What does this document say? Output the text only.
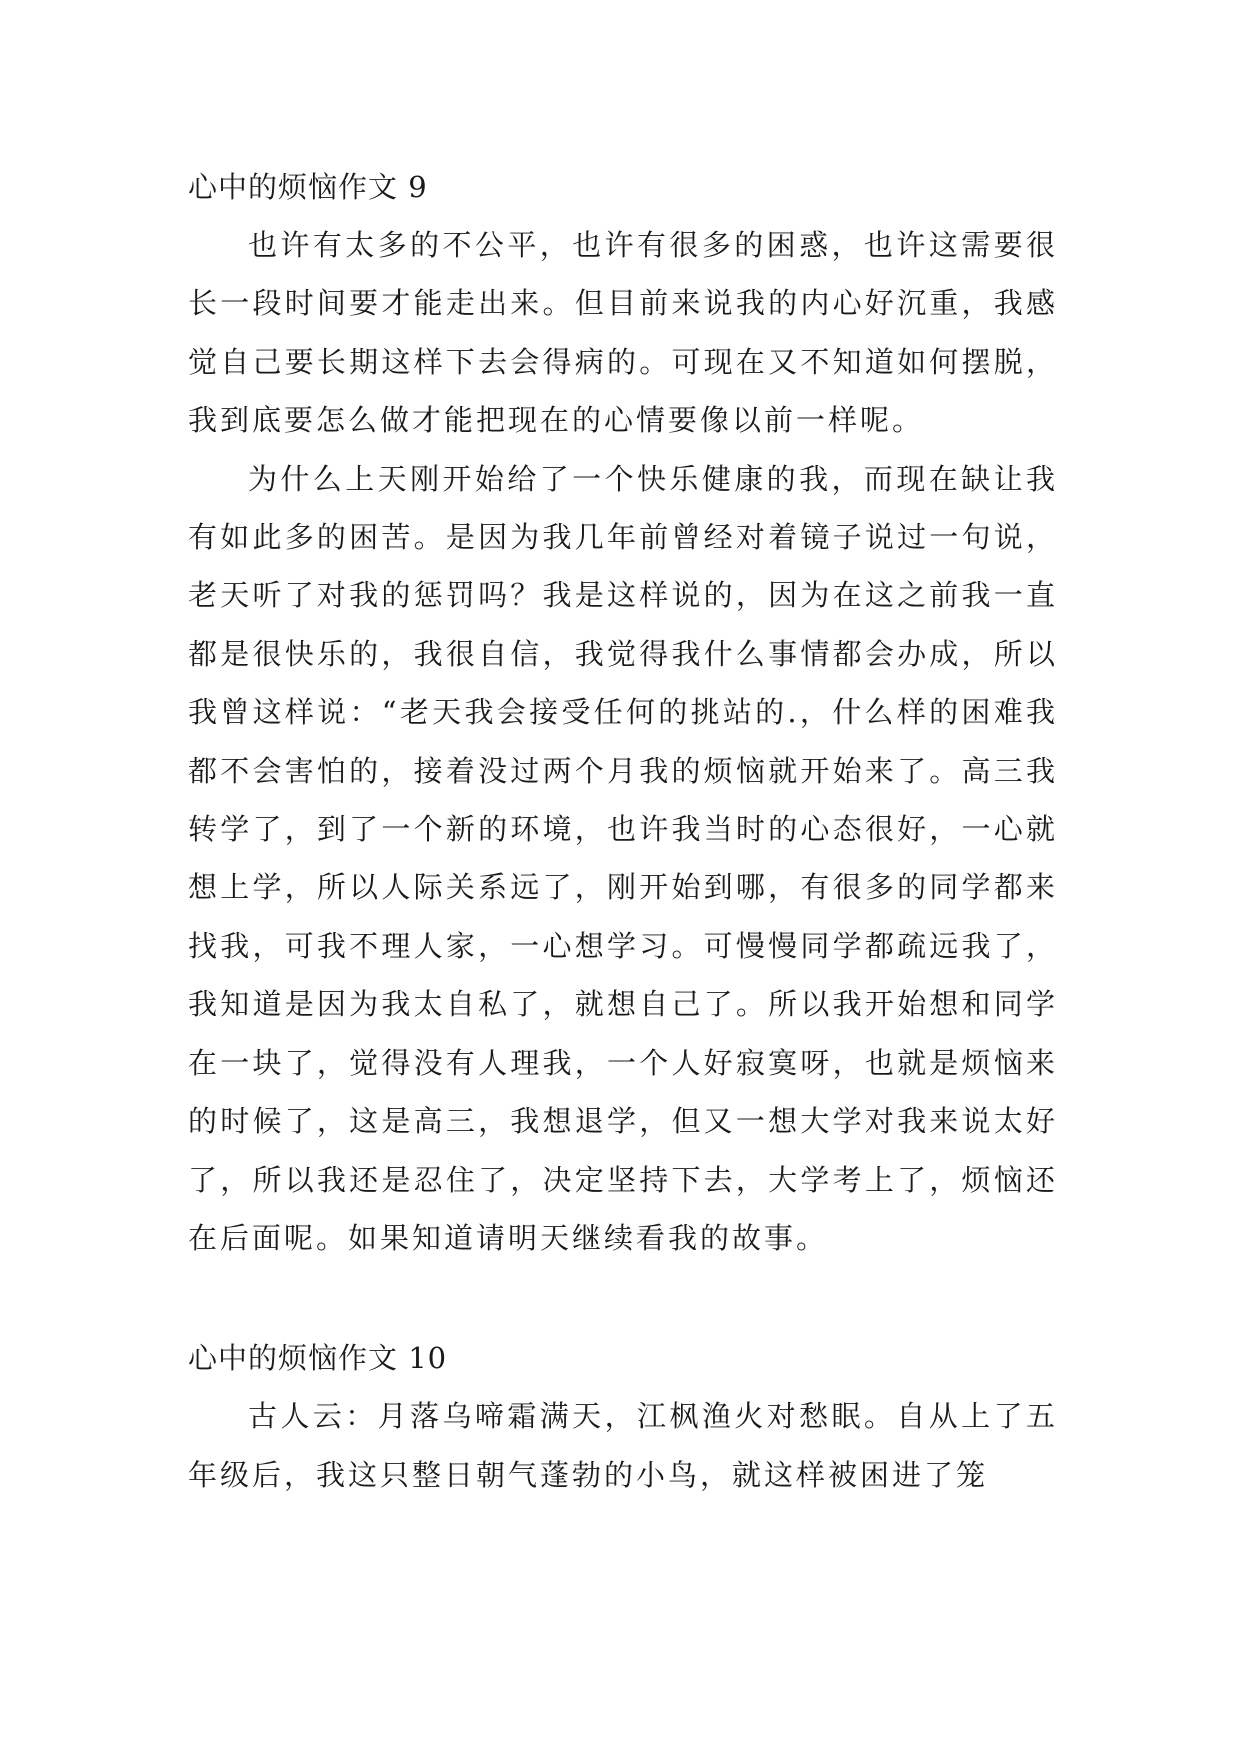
心中的烦恼作文 9

也许有太多的不公平，也许有很多的困惑，也许这需要很长一段时间要才能走出来。但目前来说我的内心好沉重，我感觉自己要长期这样下去会得病的。可现在又不知道如何摆脱，我到底要怎么做才能把现在的心情要像以前一样呢。

为什么上天刚开始给了一个快乐健康的我，而现在缺让我有如此多的困苦。是因为我几年前曾经对着镜子说过一句说，老天听了对我的惩罚吗？我是这样说的，因为在这之前我一直都是很快乐的，我很自信，我觉得我什么事情都会办成，所以我曾这样说：“老天我会接受任何的挑站的.，什么样的困难我都不会害怕的，接着没过两个月我的烦恼就开始来了。高三我转学了，到了一个新的环境，也许我当时的心态很好，一心就想上学，所以人际关系远了，刚开始到哪，有很多的同学都来找我，可我不理人家，一心想学习。可慢慢同学都疏远我了，我知道是因为我太自私了，就想自己了。所以我开始想和同学在一块了，觉得没有人理我，一个人好寂寞呀，也就是烦恼来的时候了，这是高三，我想退学，但又一想大学对我来说太好了，所以我还是忍住了，决定坚持下去，大学考上了，烦恼还在后面呢。如果知道请明天继续看我的故事。

心中的烦恼作文 10

古人云：月落乌啼霜满天，江枫渔火对愁眠。自从上了五年级后，我这只整日朝气蓬勃的小鸟，就这样被困进了笼
